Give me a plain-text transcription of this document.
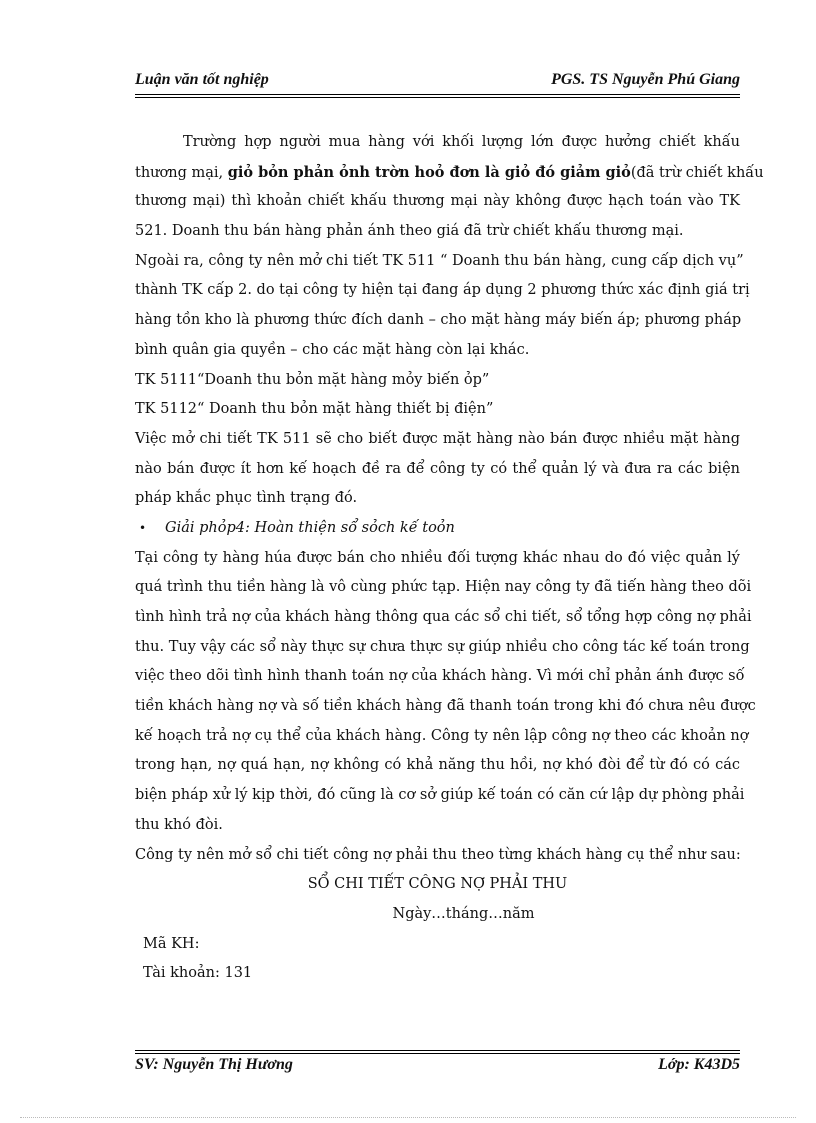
Luận văn tốt nghiệp	PGS. TS Nguyễn Phú Giang
Trường hợp người mua hàng với khối lượng lớn được hưởng chiết khấu
thương mại, giỏ bỏn phản ỏnh trờn hoỏ đơn là giỏ đó giảm giỏ(đã trừ chiết khấu
thương mại) thì khoản chiết khấu thương mại này không được hạch toán vào TK
521. Doanh thu bán hàng phản ánh theo giá đã trừ chiết khấu thương mại.
Ngoài ra, công ty nên mở chi tiết TK 511 “ Doanh thu bán hàng, cung cấp dịch vụ”
thành TK cấp 2. do tại công ty hiện tại đang áp dụng 2 phương thức xác định giá trị
hàng tồn kho là phương thức đích danh – cho mặt hàng máy biến áp; phương pháp
bình quân gia quyền – cho các mặt hàng còn lại khác.
TK 5111“Doanh thu bỏn mặt hàng mỏy biến ỏp”
TK 5112“ Doanh thu bỏn mặt hàng thiết bị điện”
Việc mở chi tiết TK 511 sẽ cho biết được mặt hàng nào bán được nhiều mặt hàng
nào bán được ít hơn kế hoạch đề ra để công ty có thể quản lý và đưa ra các biện
pháp khắc phục tình trạng đó.
• Giải phỏp4: Hoàn thiện sổ sỏch kế toỏn
Tại công ty hàng húa được bán cho nhiều đối tượng khác nhau do đó việc quản lý
quá trình thu tiền hàng là vô cùng phức tạp. Hiện nay công ty đã tiến hàng theo dõi
tình hình trả nợ của khách hàng thông qua các sổ chi tiết, sổ tổng hợp công nợ phải
thu. Tuy vậy các sổ này thực sự chưa thực sự giúp nhiều cho công tác kế toán trong
việc theo dõi tình hình thanh toán nợ của khách hàng. Vì mới chỉ phản ánh được số
tiền khách hàng nợ và số tiền khách hàng đã thanh toán trong khi đó chưa nêu được
kế hoạch trả nợ cụ thể của khách hàng. Công ty nên lập công nợ theo các khoản nợ
trong hạn, nợ quá hạn, nợ không có khả năng thu hồi, nợ khó đòi để từ đó có các
biện pháp xử lý kịp thời, đó cũng là cơ sở giúp kế toán có căn cứ lập dự phòng phải
thu khó đòi.
Công ty nên mở sổ chi tiết công nợ phải thu theo từng khách hàng cụ thể như sau:
SỔ CHI TIẾT CÔNG NỢ PHẢI THU
Ngày…tháng…năm
Mã KH:
Tài khoản: 131
SV: Nguyễn Thị Hương	Lớp: K43D5
